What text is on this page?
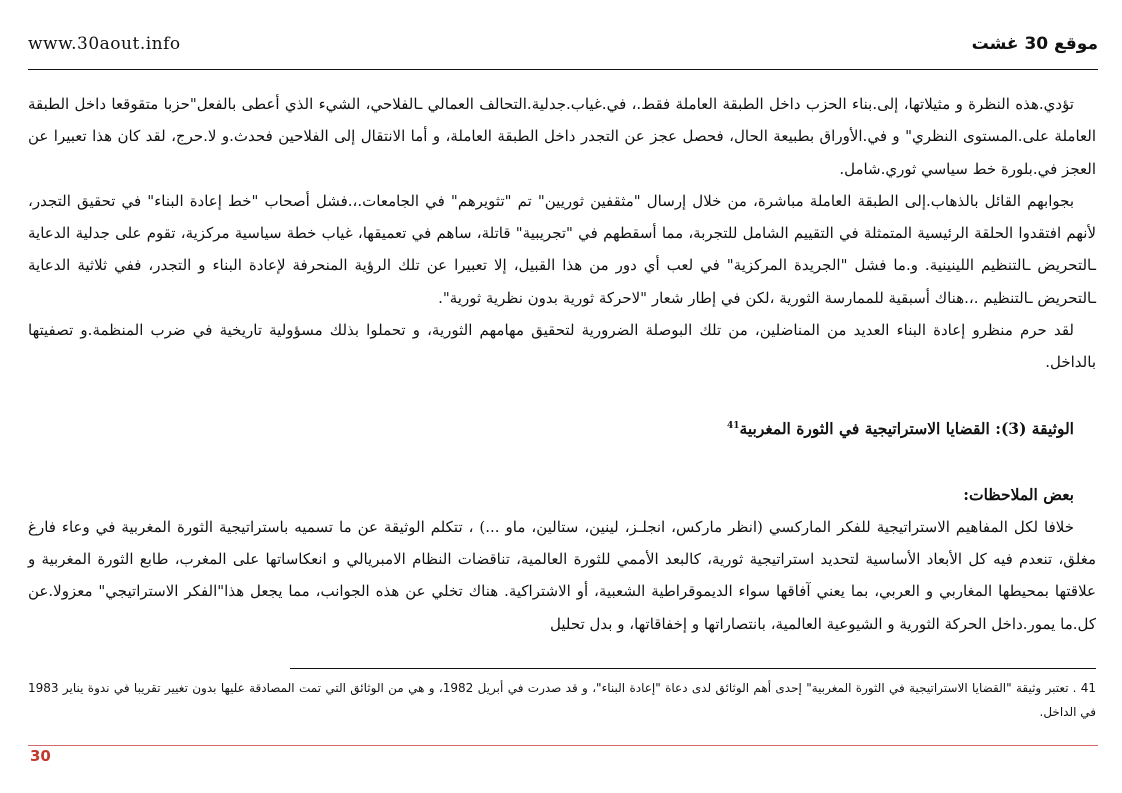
موقع 30 غشت
www.30aout.info

تؤدي.هذه النظرة و مثيلاتها، إلى.بناء الحزب داخل الطبقة العاملة فقط.، في.غياب.جدلية.التحالف العمالي ـالفلاحي، الشيء الذي أعطى بالفعل"حزبا متقوقعا داخل الطبقة العاملة على.المستوى النظري" و في.الأوراق بطبيعة الحال، فحصل عجز عن التجدر داخل الطبقة العاملة، و أما الانتقال إلى الفلاحين فحدث.و لا.حرج، لقد كان هذا تعبيرا عن العجز في.بلورة خط سياسي ثوري.شامل.

بجوابهم القائل بالذهاب.إلى الطبقة العاملة مباشرة، من خلال إرسال "مثقفين ثوريين" تم "تثويرهم" في الجامعات.،.فشل أصحاب "خط إعادة البناء" في تحقيق التجدر، لأنهم افتقدوا الحلقة الرئيسية المتمثلة في التقييم الشامل للتجربة، مما أسقطهم في "تجريبية" قاتلة، ساهم في تعميقها، غياب خطة سياسية مركزية، تقوم على جدلية الدعاية ـالتحريض ـالتنظيم اللينينية. و.ما فشل "الجريدة المركزية" في لعب أي دور من هذا القبيل، إلا تعبيرا عن تلك الرؤية المنحرفة لإعادة البناء و التجدر، ففي ثلاثية الدعاية ـالتحريض ـالتنظيم .،.هناك أسبقية للممارسة الثورية ،لكن في إطار شعار "لاحركة ثورية بدون نظرية ثورية".

لقد حرم منظرو إعادة البناء العديد من المناضلين، من تلك البوصلة الضرورية لتحقيق مهامهم الثورية، و تحملوا بذلك مسؤولية تاريخية في ضرب المنظمة.و تصفيتها بالداخل.

الوثيقة (3): القضايا الاستراتيجية في الثورة المغربية$^{41}$

بعض الملاحظات:

خلافا لكل المفاهيم الاستراتيجية للفكر الماركسي (انظر ماركس، انجلـز، لينين، ستالين، ماو ...) ، تتكلم الوثيقة عن ما تسميه باستراتيجية الثورة المغربية في وعاء فارغ مغلق، تنعدم فيه كل الأبعاد الأساسية لتحديد استراتيجية ثورية، كالبعد الأممي للثورة العالمية، تناقضات النظام الامبريالي و انعكاساتها على المغرب، طابع الثورة المغربية و علاقتها بمحيطها المغاربي و العربي، بما يعني آفاقها سواء الديموقراطية الشعبية، أو الاشتراكية. هناك تخلي عن هذه الجوانب، مما يجعل هذا"الفكر الاستراتيجي" معزولا.عن كل.ما يمور.داخل الحركة الثورية و الشيوعية العالمية، بانتصاراتها و إخفاقاتها، و بدل تحليل

41 .تعتبر وثيقة "القضايا الاستراتيجية في الثورة المغربية" إحدى أهم الوثائق لدى دعاة "إعادة البناء"، و قد صدرت في أبريل 1982، و هي من الوثائق التي تمت المصادقة عليها بدون تغيير تقريبا في ندوة يناير 1983 في الداخل.
30
